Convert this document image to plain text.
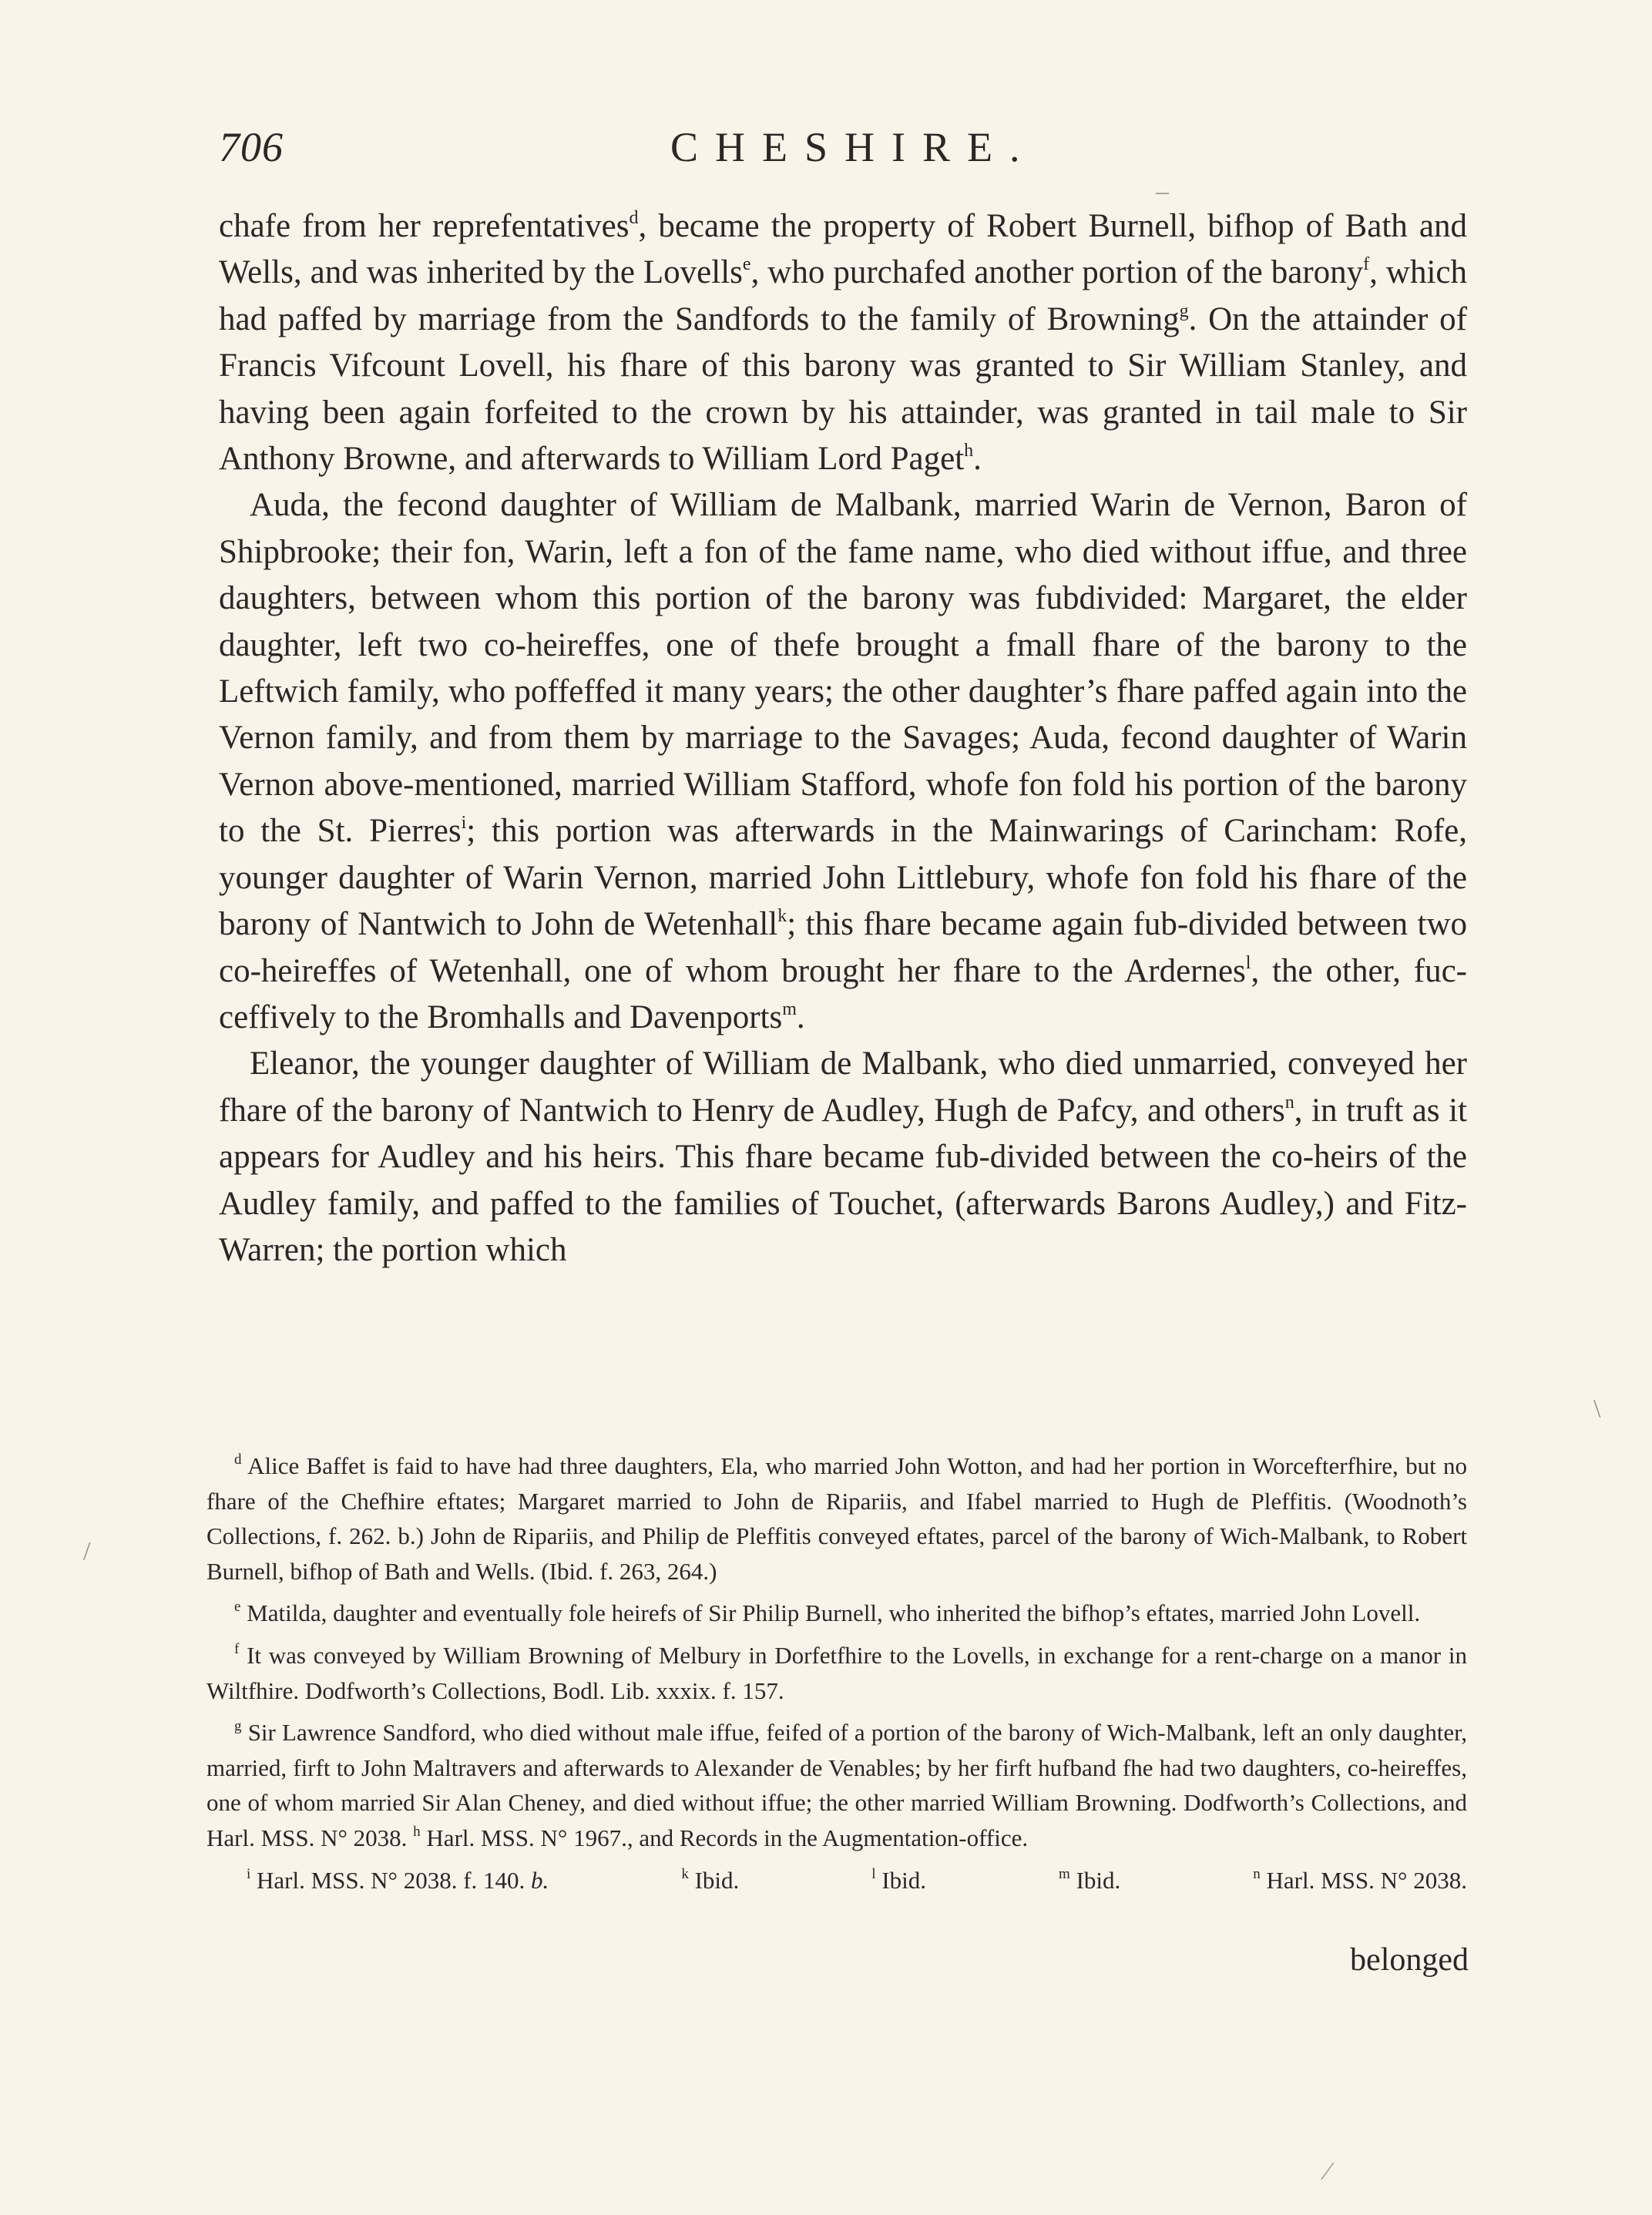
706	CHESHIRE.

chafe from her reprefentatives$^d$, became the property of Robert Burnell, bifhop of Bath and Wells, and was inherited by the Lovells$^e$, who purchafed another portion of the barony$^f$, which had paffed by marriage from the Sandfords to the family of Browning$^g$. On the attainder of Francis Vifcount Lovell, his fhare of this barony was granted to Sir William Stanley, and having been again forfeited to the crown by his attainder, was granted in tail male to Sir Anthony Browne, and afterwards to William Lord Paget$^h$.

Auda, the fecond daughter of William de Malbank, married Warin de Vernon, Baron of Shipbrooke; their fon, Warin, left a fon of the fame name, who died without iffue, and three daughters, between whom this portion of the barony was fubdivided: Margaret, the elder daughter, left two co-heireffes, one of thefe brought a fmall fhare of the barony to the Leftwich family, who poffeffed it many years; the other daughter’s fhare paffed again into the Vernon family, and from them by marriage to the Savages; Auda, fecond daughter of Warin Vernon above-mentioned, married William Stafford, whofe fon fold his portion of the barony to the St. Pierres$^i$; this portion was afterwards in the Mainwarings of Carincham: Rofe, younger daughter of Warin Vernon, married John Littlebury, whofe fon fold his fhare of the barony of Nantwich to John de Wetenhall$^k$; this fhare became again fub-divided between two co-heireffes of Wetenhall, one of whom brought her fhare to the Ardernes$^l$, the other, fuc-ceffively to the Bromhalls and Davenports$^m$.

Eleanor, the younger daughter of William de Malbank, who died unmarried, conveyed her fhare of the barony of Nantwich to Henry de Audley, Hugh de Pafcy, and others$^n$, in truft as it appears for Audley and his heirs. This fhare became fub-divided between the co-heirs of the Audley family, and paffed to the families of Touchet, (afterwards Barons Audley,) and Fitz-Warren; the portion which

$^d$ Alice Baffet is faid to have had three daughters, Ela, who married John Wotton, and had her portion in Worcefterfhire, but no fhare of the Chefhire eftates; Margaret married to John de Ripariis, and Ifabel married to Hugh de Pleffitis. (Woodnoth’s Collections, f. 262. b.) John de Ripariis, and Philip de Pleffitis conveyed eftates, parcel of the barony of Wich-Malbank, to Robert Burnell, bifhop of Bath and Wells. (Ibid. f. 263, 264.)

$^e$ Matilda, daughter and eventually fole heirefs of Sir Philip Burnell, who inherited the bifhop’s eftates, married John Lovell.

$^f$ It was conveyed by William Browning of Melbury in Dorfetfhire to the Lovells, in exchange for a rent-charge on a manor in Wiltfhire. Dodfworth’s Collections, Bodl. Lib. xxxix. f. 157.

$^g$ Sir Lawrence Sandford, who died without male iffue, feifed of a portion of the barony of Wich-Malbank, left an only daughter, married, firft to John Maltravers and afterwards to Alexander de Venables; by her firft hufband fhe had two daughters, co-heireffes, one of whom married Sir Alan Cheney, and died without iffue; the other married William Browning. Dodfworth’s Collections, and Harl. MSS. N° 2038. $^h$ Harl. MSS. N° 1967., and Records in the Augmentation-office.

$^i$ Harl. MSS. N° 2038. f. 140. b.	$^k$ Ibid.	$^l$ Ibid.	$^m$ Ibid.	$^n$ Harl. MSS. N° 2038.
belonged
–
\
/
⁄
